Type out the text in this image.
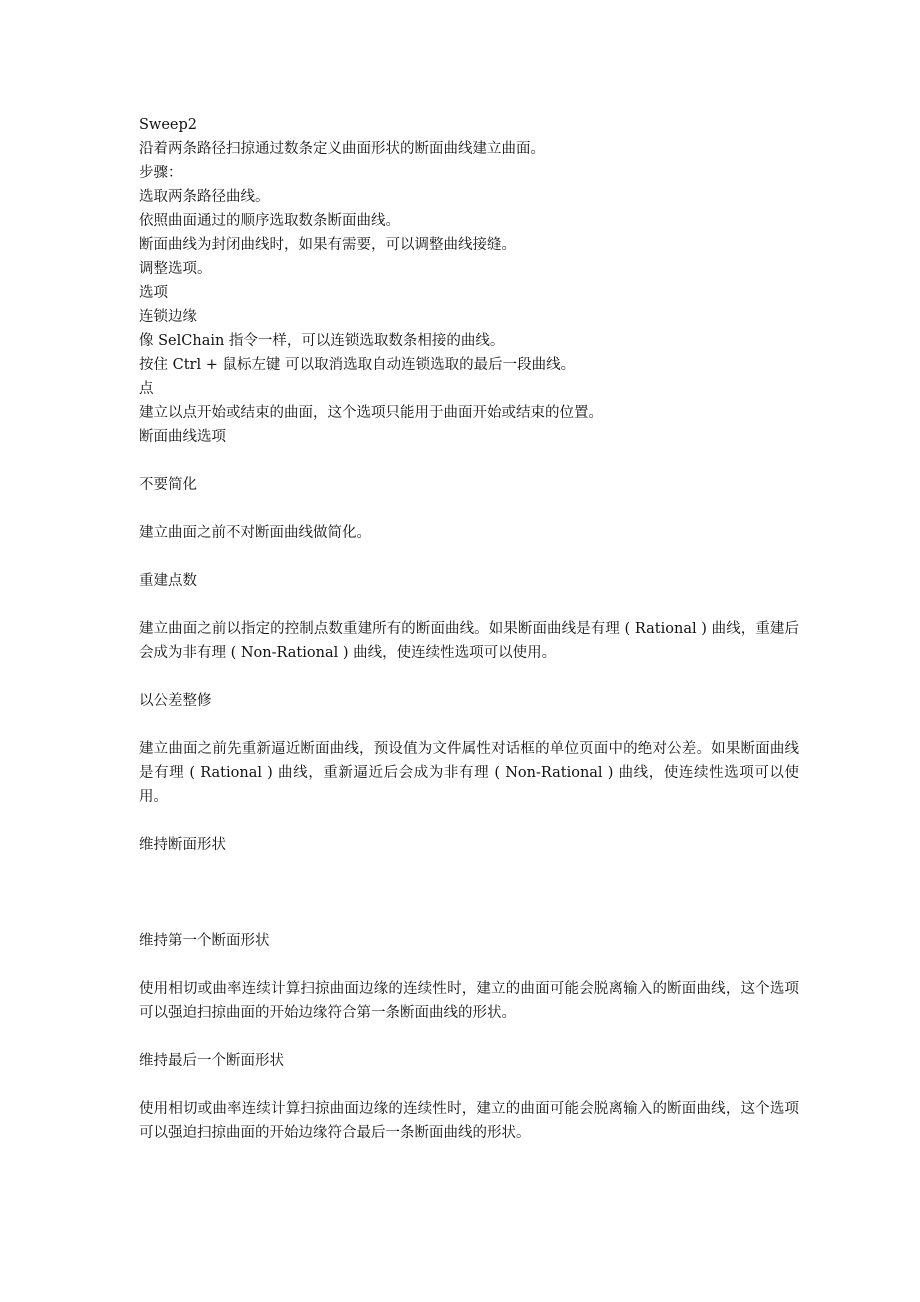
Sweep2
沿着两条路径扫掠通过数条定义曲面形状的断面曲线建立曲面。
步骤：
选取两条路径曲线。
依照曲面通过的顺序选取数条断面曲线。
断面曲线为封闭曲线时，如果有需要，可以调整曲线接缝。
调整选项。
选项
连锁边缘
像 SelChain 指令一样，可以连锁选取数条相接的曲线。
按住 Ctrl + 鼠标左键 可以取消选取自动连锁选取的最后一段曲线。
点
建立以点开始或结束的曲面，这个选项只能用于曲面开始或结束的位置。
断面曲线选项
不要简化

建立曲面之前不对断面曲线做简化。

重建点数

建立曲面之前以指定的控制点数重建所有的断面曲线。如果断面曲线是有理 ( Rational ) 曲线，重建后会成为非有理 ( Non-Rational ) 曲线，使连续性选项可以使用。

以公差整修

建立曲面之前先重新逼近断面曲线，预设值为文件属性对话框的单位页面中的绝对公差。如果断面曲线是有理 ( Rational ) 曲线，重新逼近后会成为非有理 ( Non-Rational ) 曲线，使连续性选项可以使用。

维持断面形状
维持第一个断面形状

使用相切或曲率连续计算扫掠曲面边缘的连续性时，建立的曲面可能会脱离输入的断面曲线，这个选项可以强迫扫掠曲面的开始边缘符合第一条断面曲线的形状。

维持最后一个断面形状

使用相切或曲率连续计算扫掠曲面边缘的连续性时，建立的曲面可能会脱离输入的断面曲线，这个选项可以强迫扫掠曲面的开始边缘符合最后一条断面曲线的形状。
